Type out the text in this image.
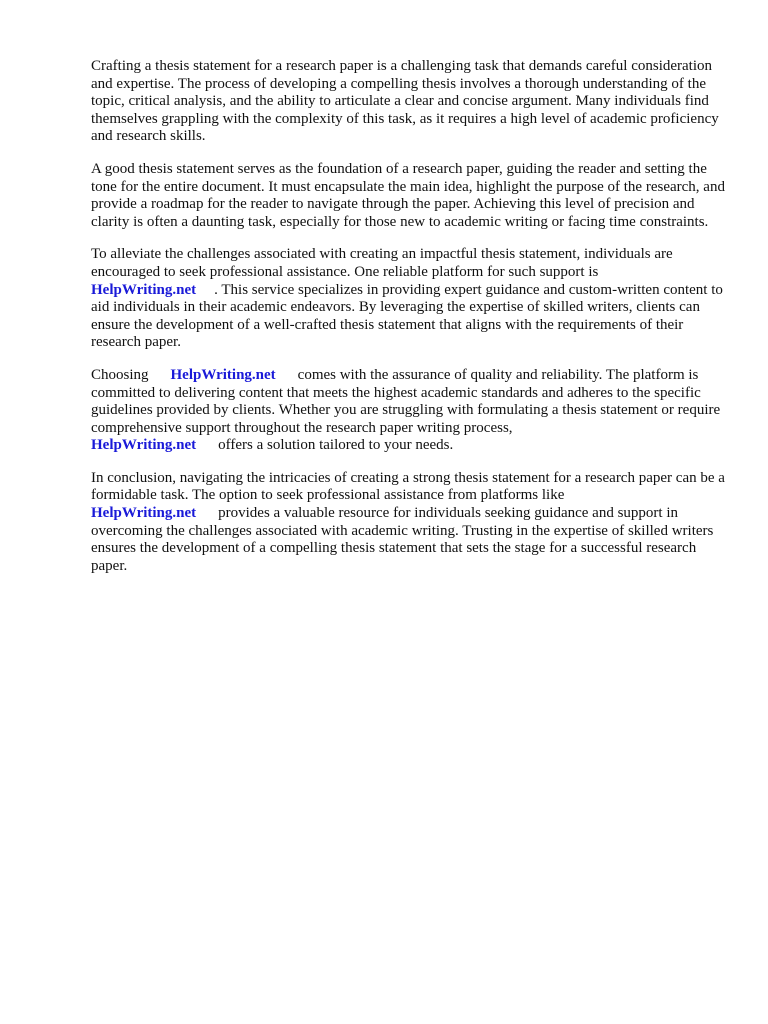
Crafting a thesis statement for a research paper is a challenging task that demands careful consideration and expertise. The process of developing a compelling thesis involves a thorough understanding of the topic, critical analysis, and the ability to articulate a clear and concise argument. Many individuals find themselves grappling with the complexity of this task, as it requires a high level of academic proficiency and research skills.

A good thesis statement serves as the foundation of a research paper, guiding the reader and setting the tone for the entire document. It must encapsulate the main idea, highlight the purpose of the research, and provide a roadmap for the reader to navigate through the paper. Achieving this level of precision and clarity is often a daunting task, especially for those new to academic writing or facing time constraints.

To alleviate the challenges associated with creating an impactful thesis statement, individuals are encouraged to seek professional assistance. One reliable platform for such support is
HelpWriting.net . This service specializes in providing expert guidance and custom-written content to aid individuals in their academic endeavors. By leveraging the expertise of skilled writers, clients can ensure the development of a well-crafted thesis statement that aligns with the requirements of their research paper.

Choosing HelpWriting.net comes with the assurance of quality and reliability. The platform is committed to delivering content that meets the highest academic standards and adheres to the specific guidelines provided by clients. Whether you are struggling with formulating a thesis statement or require comprehensive support throughout the research paper writing process,
HelpWriting.net offers a solution tailored to your needs.

In conclusion, navigating the intricacies of creating a strong thesis statement for a research paper can be a formidable task. The option to seek professional assistance from platforms like
HelpWriting.net provides a valuable resource for individuals seeking guidance and support in overcoming the challenges associated with academic writing. Trusting in the expertise of skilled writers ensures the development of a compelling thesis statement that sets the stage for a successful research paper.
